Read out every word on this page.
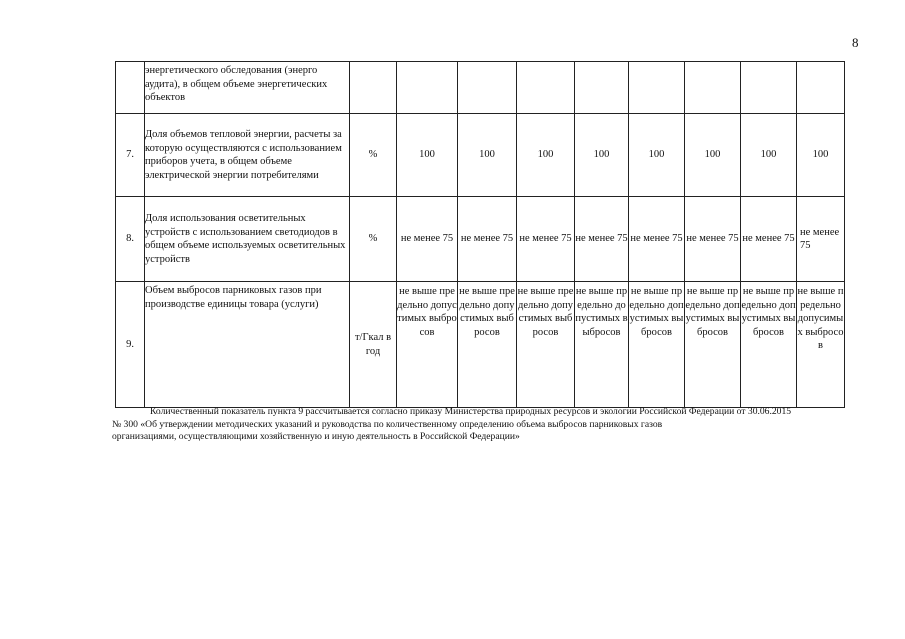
8
	энергетического обследования (энерго аудита), в общем объеме энергетических объектов		

7.	Доля объемов тепловой энергии, расчеты за которую осуществляются с использованием приборов учета, в общем объеме электрической энергии потребителями	%	100	100	100	100	100	100	100	100

8.	Доля использования осветительных устройств с использованием светодиодов в общем объеме используемых осветительных устройств	%	не менее 75	не менее 75	не менее 75	не менее 75	не менее 75	не менее 75	не менее 75	не менее 75

9.	Объем выбросов парниковых газов при производстве единицы товара (услуги)	т/Гкал в год	не выше предельно допустимых выбросов	не выше предельно допустимых выбросов	не выше предельно допустимых выбросов	не выше предельно допустимых выбросов	не выше предельно допустимых выбросов	не выше предельно допустимых выбросов	не выше предельно допустимых выбросов	не выше предельно допусимых выбросов
Количественный показатель пункта 9 рассчитывается согласно приказу Министерства природных ресурсов и экологии Российской Федерации от 30.06.2015
№ 300 «Об утверждении методических указаний и руководства по количественному определению объема выбросов парниковых газов
организациями, осуществляющими хозяйственную и иную деятельность в Российской Федерации»
